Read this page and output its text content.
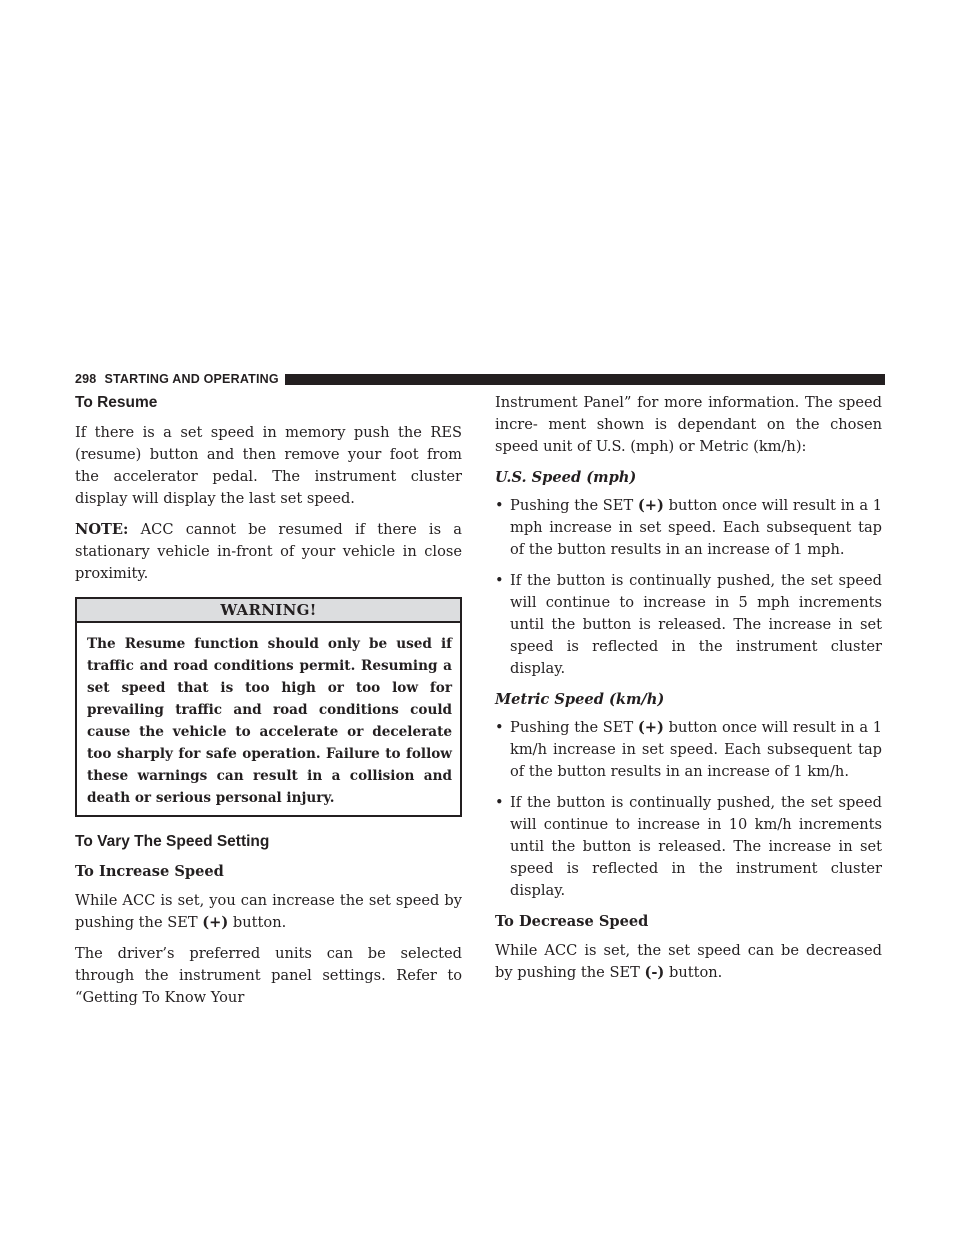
298 STARTING AND OPERATING
To Resume

If there is a set speed in memory push the RES (resume) button and then remove your foot from the accelerator pedal. The instrument cluster display will display the last set speed.

NOTE: ACC cannot be resumed if there is a stationary vehicle in-front of your vehicle in close proximity.

WARNING!
The Resume function should only be used if traffic and road conditions permit. Resuming a set speed that is too high or too low for prevailing traffic and road conditions could cause the vehicle to accelerate or decelerate too sharply for safe operation. Failure to follow these warnings can result in a collision and death or serious personal injury.
To Vary The Speed Setting
To Increase Speed

While ACC is set, you can increase the set speed by pushing the SET (+) button.

The driver’s preferred units can be selected through the instrument panel settings. Refer to “Getting To Know Your

Instrument Panel” for more information. The speed incre- ment shown is dependant on the chosen speed unit of U.S. (mph) or Metric (km/h):

U.S. Speed (mph)
• Pushing the SET (+) button once will result in a 1 mph increase in set speed. Each subsequent tap of the button results in an increase of 1 mph.
• If the button is continually pushed, the set speed will continue to increase in 5 mph increments until the button is released. The increase in set speed is reflected in the instrument cluster display.
Metric Speed (km/h)
• Pushing the SET (+) button once will result in a 1 km/h increase in set speed. Each subsequent tap of the button results in an increase of 1 km/h.
• If the button is continually pushed, the set speed will continue to increase in 10 km/h increments until the button is released. The increase in set speed is reflected in the instrument cluster display.
To Decrease Speed

While ACC is set, the set speed can be decreased by pushing the SET (-) button.
